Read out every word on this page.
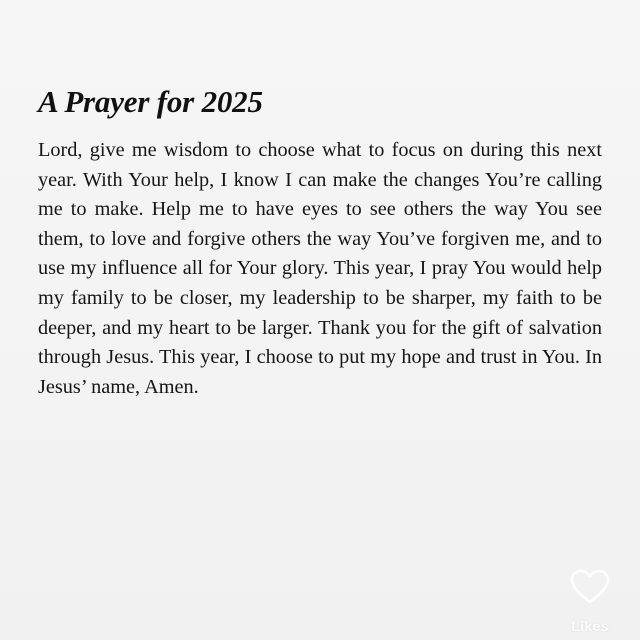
A Prayer for 2025

Lord, give me wisdom to choose what to focus on during this next year. With Your help, I know I can make the changes You’re calling me to make. Help me to have eyes to see others the way You see them, to love and forgive others the way You’ve forgiven me, and to use my influence all for Your glory. This year, I pray You would help my family to be closer, my leadership to be sharper, my faith to be deeper, and my heart to be larger. Thank you for the gift of salvation through Jesus. This year, I choose to put my hope and trust in You. In Jesus’ name, Amen.

Likes
